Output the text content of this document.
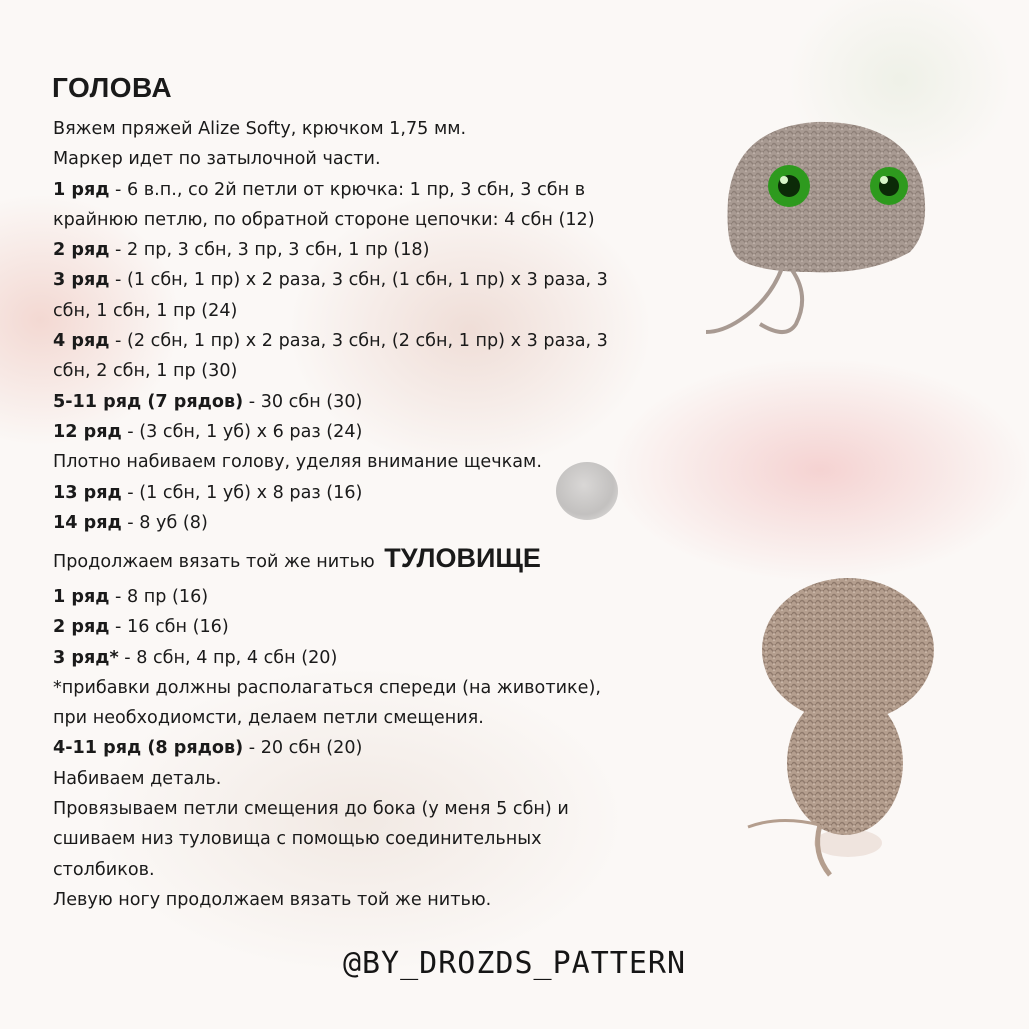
ГОЛОВА
Вяжем пряжей Alize Softy, крючком 1,75 мм.
Маркер идет по затылочной части.
1 ряд - 6 в.п., со 2й петли от крючка: 1 пр, 3 сбн, 3 сбн в
крайнюю петлю, по обратной стороне цепочки: 4 сбн (12)
2 ряд - 2 пр, 3 сбн, 3 пр, 3 сбн, 1 пр (18)
3 ряд - (1 сбн, 1 пр) x 2 раза, 3 сбн, (1 сбн, 1 пр) x 3 раза, 3
сбн, 1 сбн, 1 пр (24)
4 ряд - (2 сбн, 1 пр) x 2 раза, 3 сбн, (2 сбн, 1 пр) x 3 раза, 3
сбн, 2 сбн, 1 пр (30)
5-11 ряд (7 рядов) - 30 сбн (30)
12 ряд - (3 сбн, 1 уб) x 6 раз (24)
Плотно набиваем голову, уделяя внимание щечкам.
13 ряд - (1 сбн, 1 уб) x 8 раз (16)
14 ряд - 8 уб (8)
Продолжаем вязать той же нитью ТУЛОВИЩЕ
1 ряд - 8 пр (16)
2 ряд - 16 сбн (16)
3 ряд* - 8 сбн, 4 пр, 4 сбн (20)
*прибавки должны располагаться спереди (на животике),
при необходиомсти, делаем петли смещения.
4-11 ряд (8 рядов) - 20 сбн (20)
Набиваем деталь.
Провязываем петли смещения до бока (у меня 5 сбн) и
сшиваем низ туловища с помощью соединительных
столбиков.
Левую ногу продолжаем вязать той же нитью.
@BY_DROZDS_PATTERN
